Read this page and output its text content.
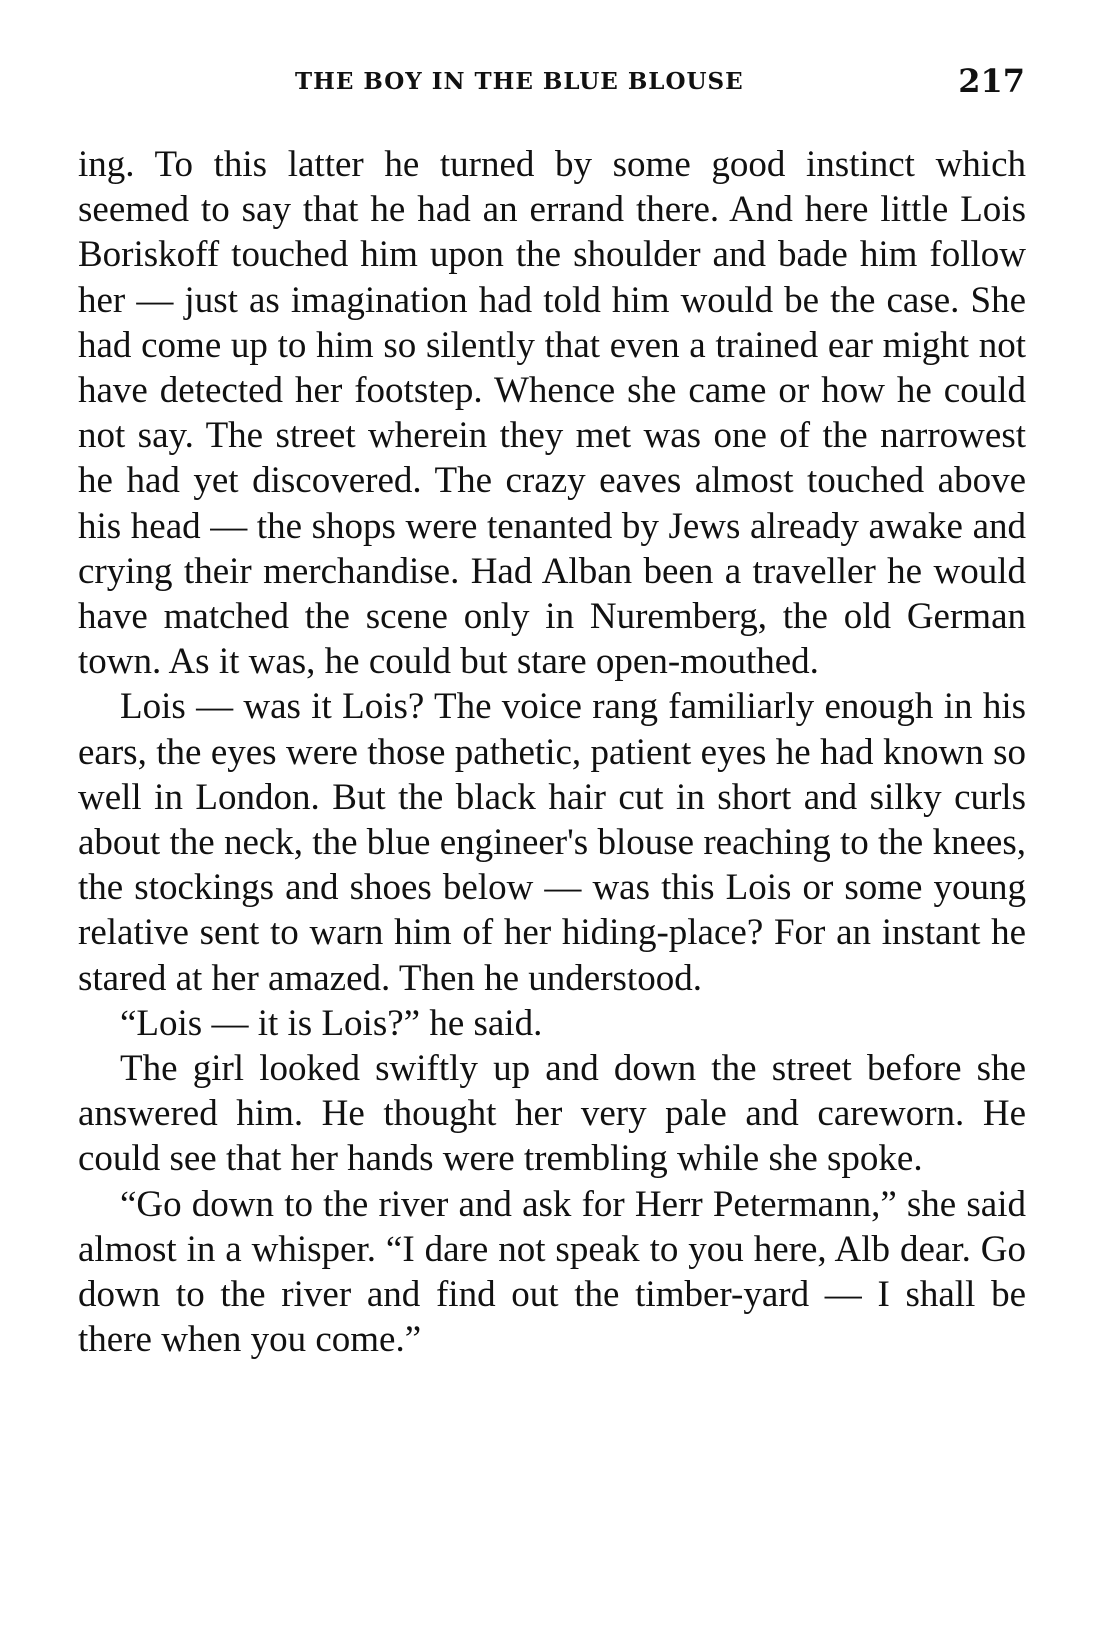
THE BOY IN THE BLUE BLOUSE	217

ing. To this latter he turned by some good instinct which seemed to say that he had an errand there. And here little Lois Boriskoff touched him upon the shoulder and bade him follow her — just as imagination had told him would be the case. She had come up to him so silently that even a trained ear might not have detected her footstep. Whence she came or how he could not say. The street wherein they met was one of the narrowest he had yet discovered. The crazy eaves almost touched above his head — the shops were tenanted by Jews already awake and crying their merchandise. Had Alban been a traveller he would have matched the scene only in Nuremberg, the old German town. As it was, he could but stare open-mouthed.

Lois — was it Lois? The voice rang familiarly enough in his ears, the eyes were those pathetic, patient eyes he had known so well in London. But the black hair cut in short and silky curls about the neck, the blue engineer's blouse reaching to the knees, the stockings and shoes below — was this Lois or some young relative sent to warn him of her hiding-place? For an instant he stared at her amazed. Then he understood.

“Lois — it is Lois?” he said.

The girl looked swiftly up and down the street before she answered him. He thought her very pale and careworn. He could see that her hands were trembling while she spoke.

“Go down to the river and ask for Herr Petermann,” she said almost in a whisper. “I dare not speak to you here, Alb dear. Go down to the river and find out the timber-yard — I shall be there when you come.”
